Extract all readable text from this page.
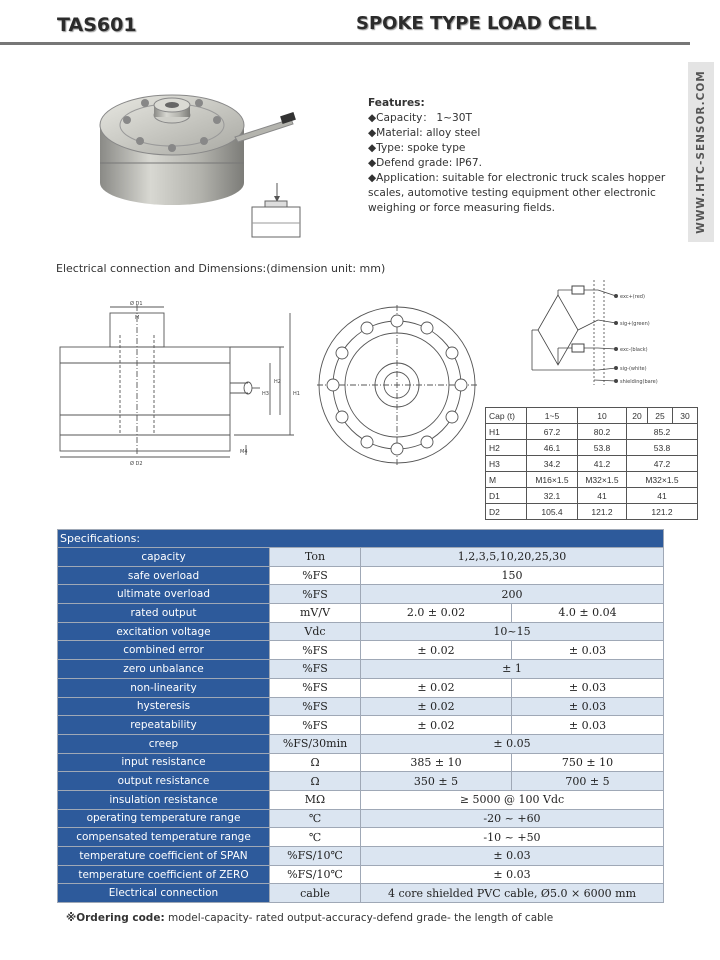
TAS601	SPOKE TYPE LOAD CELL
WWW.HTC-SENSOR.COM
Features:
◆Capacity： 1~30T
◆Material: alloy steel
◆Type: spoke type
◆Defend grade: IP67.
◆Application: suitable for electronic truck scales hopper scales, automotive testing equipment other electronic weighing or force measuring fields.
Electrical connection and Dimensions:(dimension unit: mm)
Ø D1
M
Ø D2
H3
H2
H1
M4
exc+(red)
sig+(green)
exc-(black)
sig-(white)
shielding(bare)
Cap (t)	1~5	10	20	25	30
H1	67.2	80.2	85.2		
H2	46.1	53.8	53.8		
H3	34.2	41.2	47.2		
M	M16×1.5	M32×1.5	M32×1.5		
D1	32.1	41	41		
D2	105.4	121.2	121.2		
Specifications:			
capacity	Ton	1,2,3,5,10,20,25,30	
safe overload	%FS	150	
ultimate overload	%FS	200	
rated output	mV/V	2.0 ± 0.02	4.0 ± 0.04
excitation voltage	Vdc	10~15	
combined error	%FS	± 0.02	± 0.03
zero unbalance	%FS	± 1	
non-linearity	%FS	± 0.02	± 0.03
hysteresis	%FS	± 0.02	± 0.03
repeatability	%FS	± 0.02	± 0.03
creep	%FS/30min	± 0.05	
input resistance	Ω	385 ± 10	750 ± 10
output resistance	Ω	350 ± 5	700 ± 5
insulation resistance	MΩ	≥ 5000 @ 100 Vdc	
operating temperature range	℃	-20 ~ +60	
compensated temperature range	℃	-10 ~ +50	
temperature coefficient of SPAN	%FS/10℃	± 0.03	
temperature coefficient of ZERO	%FS/10℃	± 0.03	
Electrical connection	cable	4 core shielded PVC cable, Ø5.0 × 6000 mm	
※Ordering code: model-capacity- rated output-accuracy-defend grade- the length of cable
